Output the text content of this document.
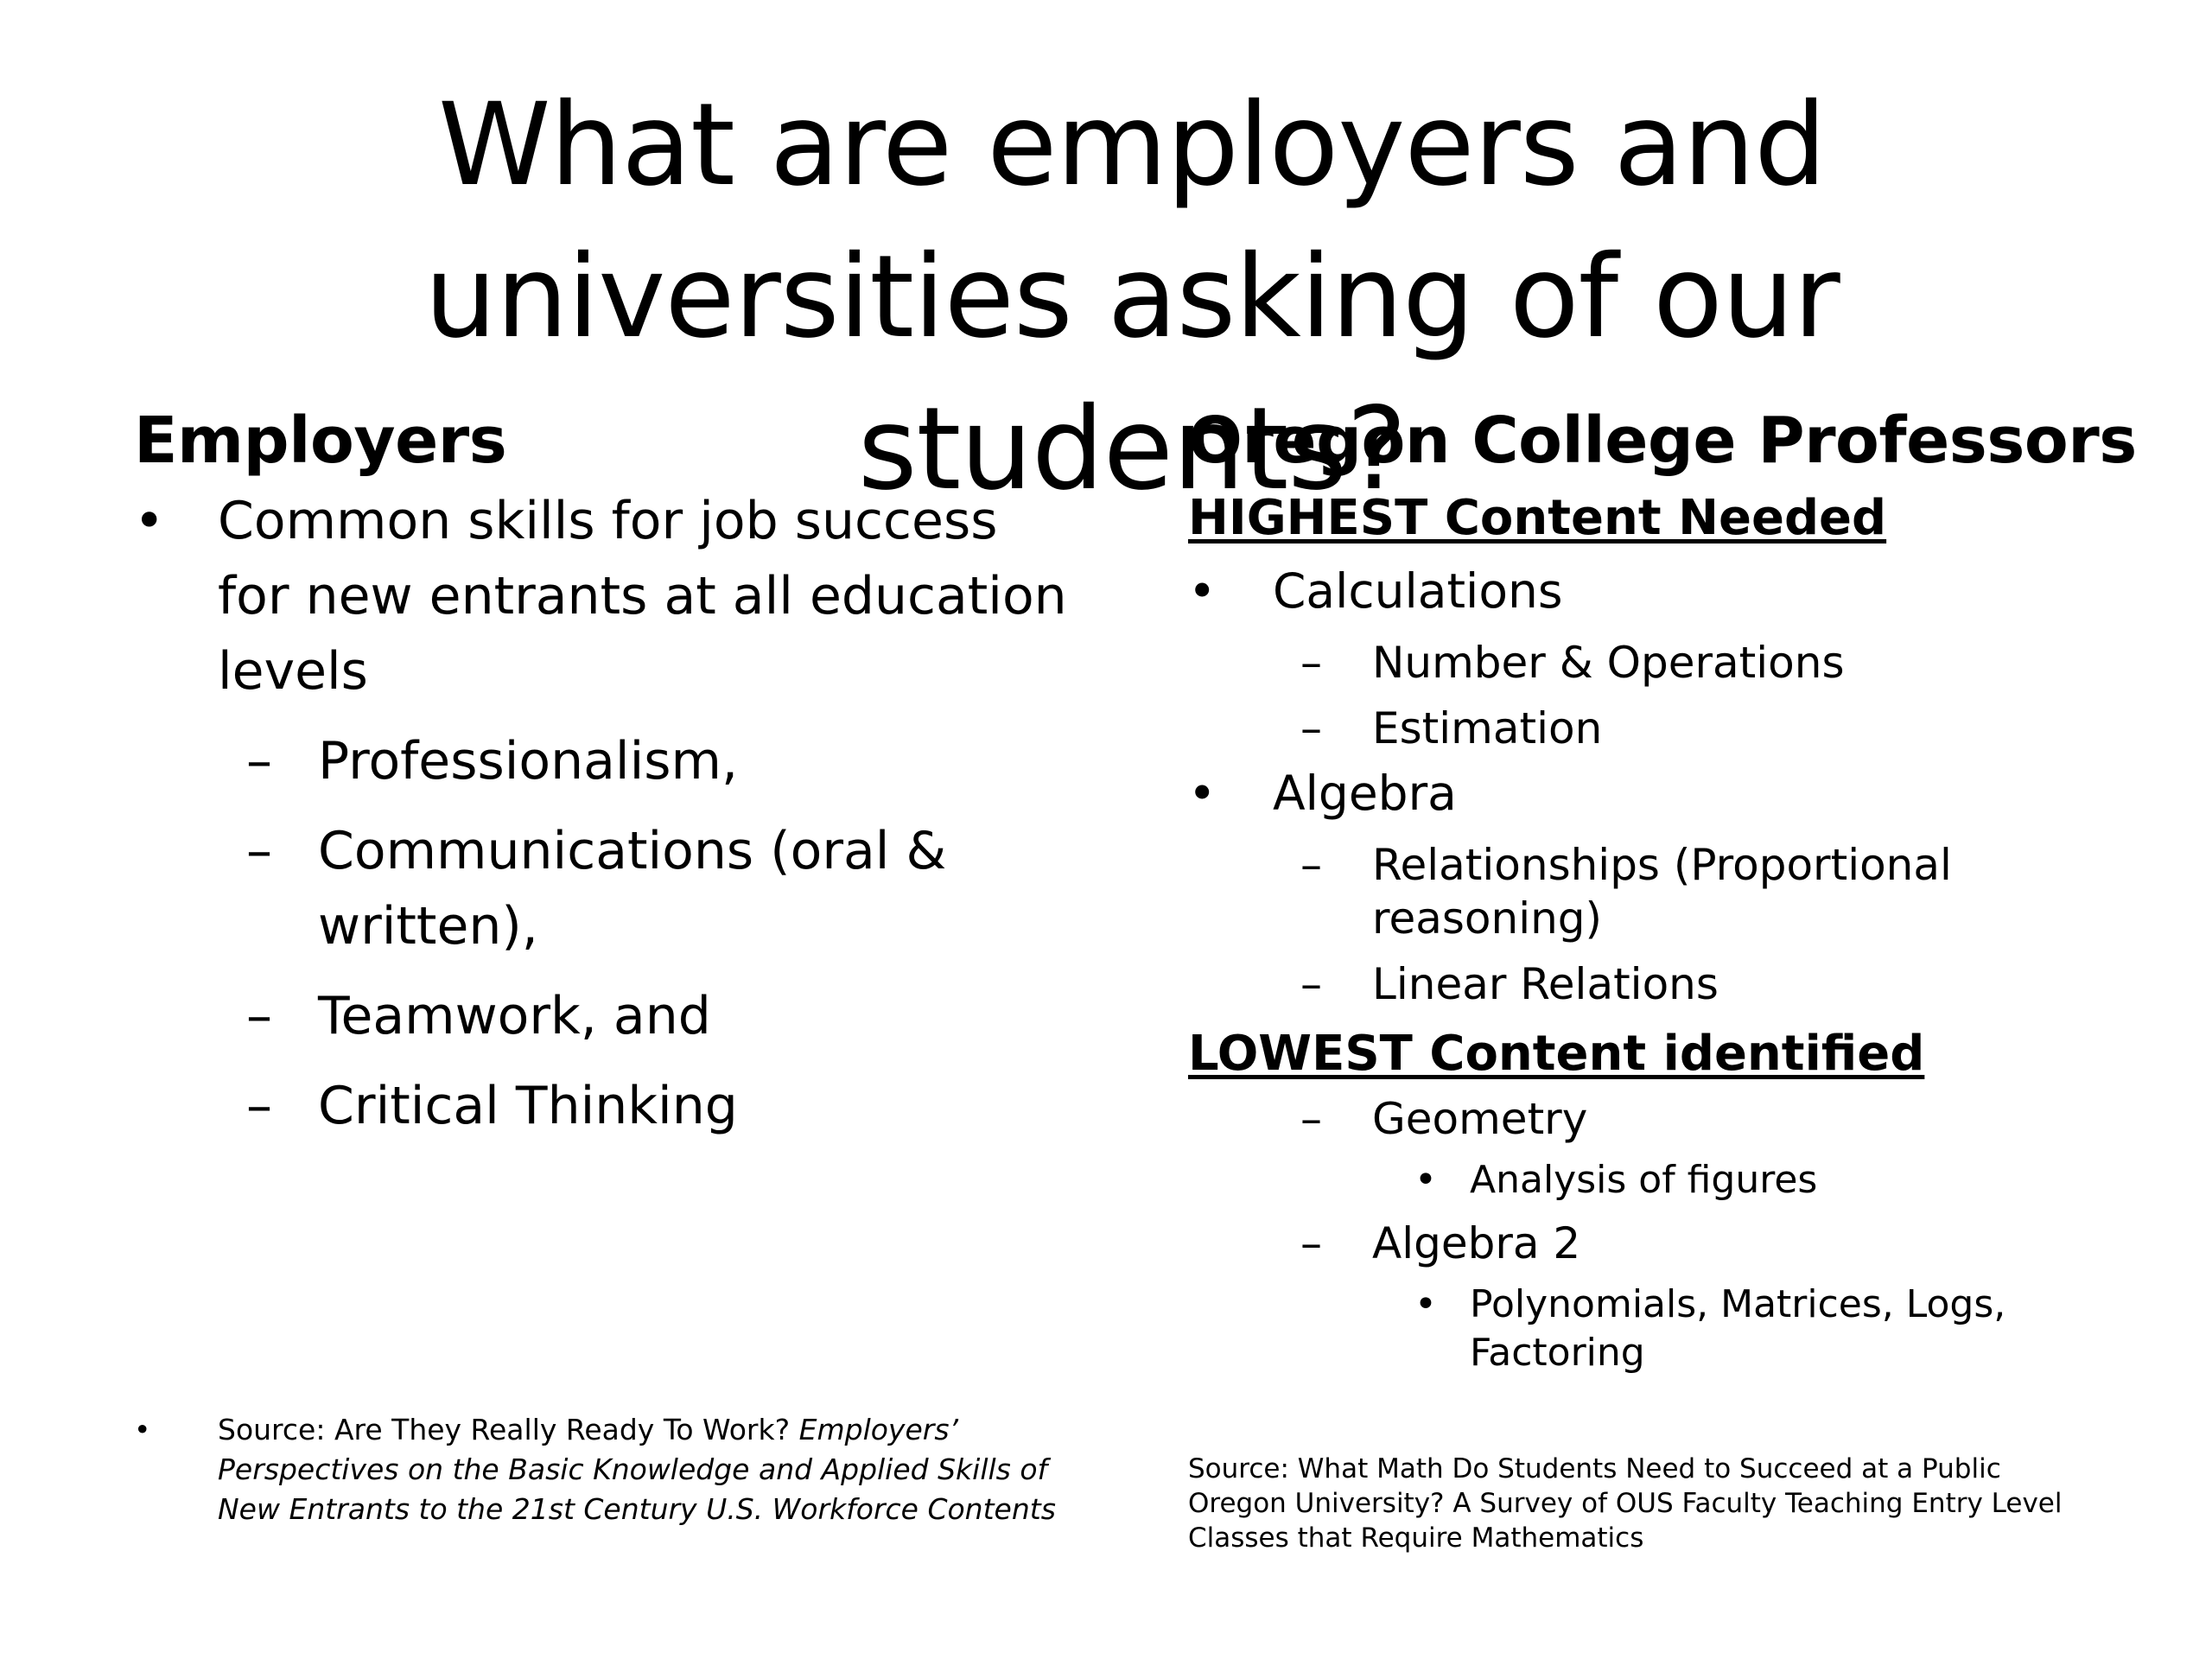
What are employers and universities asking of our students?
Employers
• Common skills for job success for new entrants at all education levels
– Professionalism,
– Communications (oral & written),
– Teamwork, and
– Critical Thinking
• Source: Are They Really Ready To Work? Employers’ Perspectives on the Basic Knowledge and Applied Skills of New Entrants to the 21st Century U.S. Workforce Contents
Oregon College Professors
HIGHEST Content Needed
• Calculations
– Number & Operations
– Estimation
• Algebra
– Relationships (Proportional reasoning)
– Linear Relations
LOWEST Content identified
– Geometry
• Analysis of figures
– Algebra 2
• Polynomials, Matrices, Logs, Factoring
Source: What Math Do Students Need to Succeed at a Public Oregon University? A Survey of OUS Faculty Teaching Entry Level Classes that Require Mathematics
